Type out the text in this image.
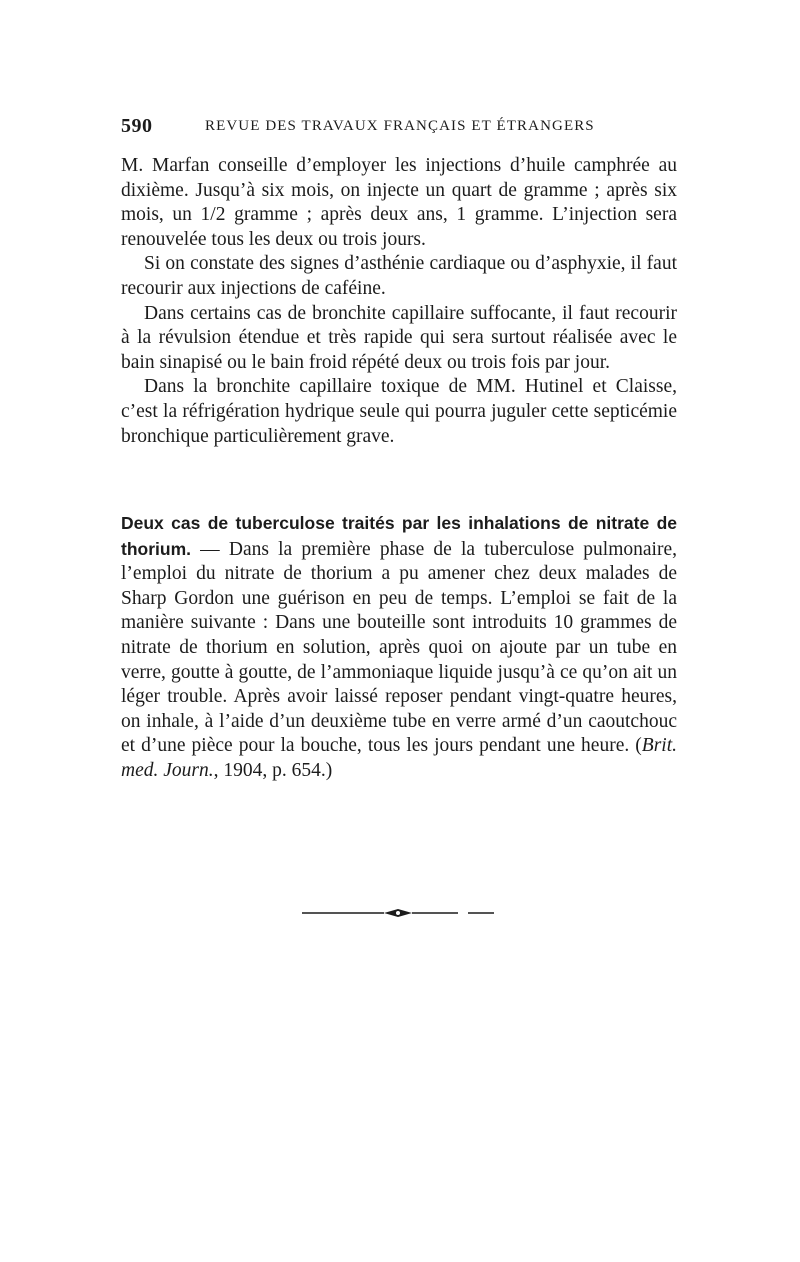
590	REVUE DES TRAVAUX FRANÇAIS ET ÉTRANGERS

M. Marfan conseille d’employer les injections d’huile camphrée au dixième. Jusqu’à six mois, on injecte un quart de gramme ; après six mois, un 1/2 gramme ; après deux ans, 1 gramme. L’injection sera renouvelée tous les deux ou trois jours.

Si on constate des signes d’asthénie cardiaque ou d’asphyxie, il faut recourir aux injections de caféine.

Dans certains cas de bronchite capillaire suffocante, il faut recourir à la révulsion étendue et très rapide qui sera surtout réalisée avec le bain sinapisé ou le bain froid répété deux ou trois fois par jour.

Dans la bronchite capillaire toxique de MM. Hutinel et Claisse, c’est la réfrigération hydrique seule qui pourra juguler cette septicémie bronchique particulièrement grave.

Deux cas de tuberculose traités par les inhalations de nitrate de thorium. — Dans la première phase de la tuberculose pulmonaire, l’emploi du nitrate de thorium a pu amener chez deux malades de Sharp Gordon une guérison en peu de temps. L’emploi se fait de la manière suivante : Dans une bouteille sont introduits 10 grammes de nitrate de thorium en solution, après quoi on ajoute par un tube en verre, goutte à goutte, de l’ammoniaque liquide jusqu’à ce qu’on ait un léger trouble. Après avoir laissé reposer pendant vingt-quatre heures, on inhale, à l’aide d’un deuxième tube en verre armé d’un caoutchouc et d’une pièce pour la bouche, tous les jours pendant une heure. (Brit. med. Journ., 1904, p. 654.)
